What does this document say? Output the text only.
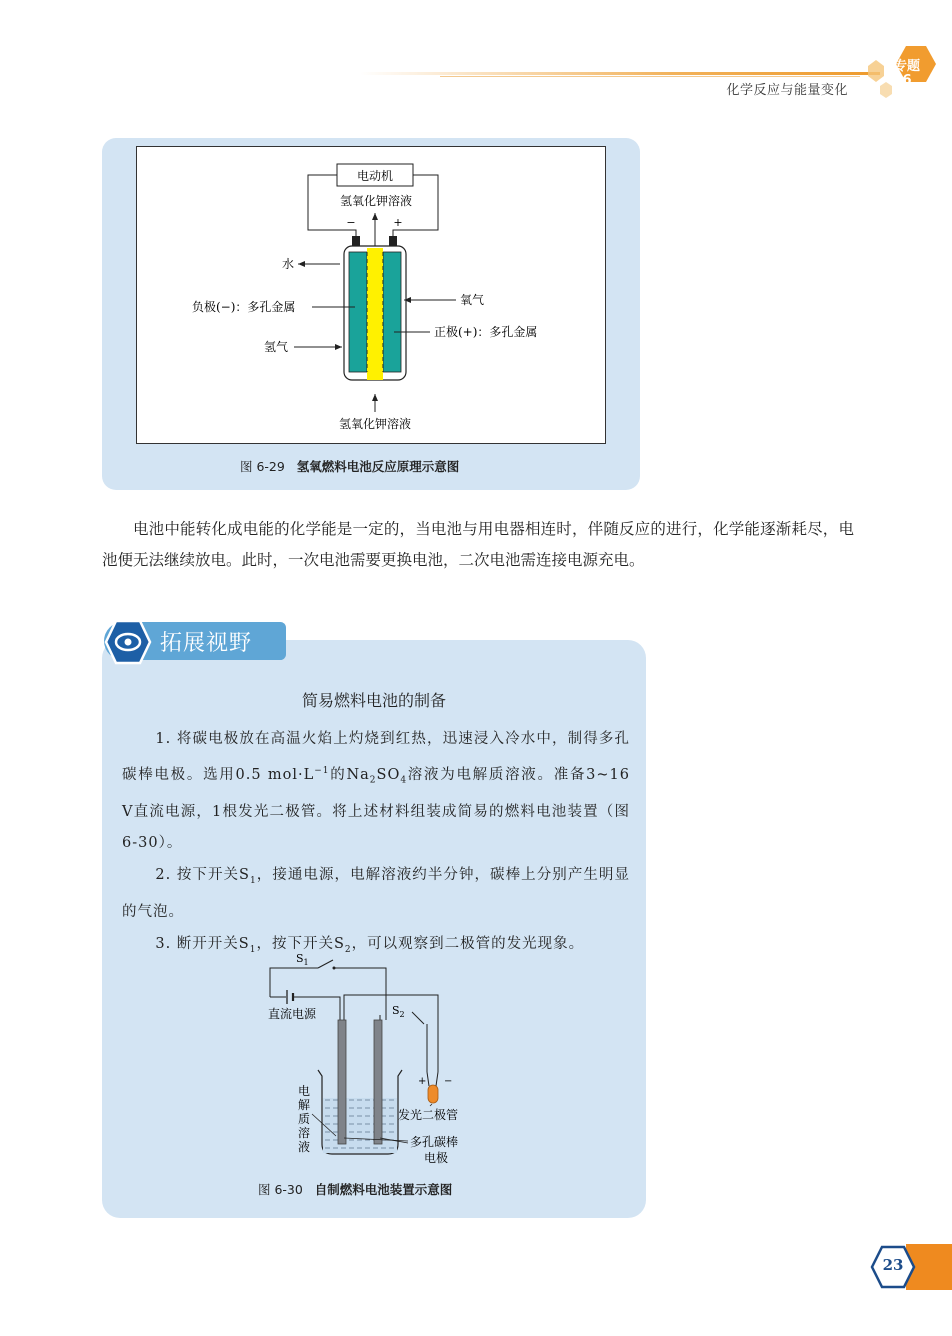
化学反应与能量变化
专题
6
电动机
氢氧化钾溶液
−	+
水
负极(−)：多孔金属	氧气
正极(+)：多孔金属
氢气
氢氧化钾溶液
图 6-29 氢氧燃料电池反应原理示意图
电池中能转化成电能的化学能是一定的，当电池与用电器相连时，伴随反应的进行，化学能逐渐耗尽，电池便无法继续放电。此时，一次电池需要更换电池，二次电池需连接电源充电。
拓展视野
简易燃料电池的制备

1. 将碳电极放在高温火焰上灼烧到红热，迅速浸入冷水中，制得多孔碳棒电极。选用0.5 $mol\cdot L^{-1}$的$Na_2SO_4$溶液为电解质溶液。准备3~16 V直流电源，1根发光二极管。将上述材料组装成简易的燃料电池装置（图6-30）。

2. 按下开关$S_1$，接通电源，电解溶液约半分钟，碳棒上分别产生明显的气泡。

3. 断开开关$S_1$，按下开关$S_2$，可以观察到二极管的发光现象。

$S_1$
直流电源	$S_2$
+ −
电
解
质
溶
液
发光二极管
多孔碳棒
电极
图 6-30 自制燃料电池装置示意图
23
